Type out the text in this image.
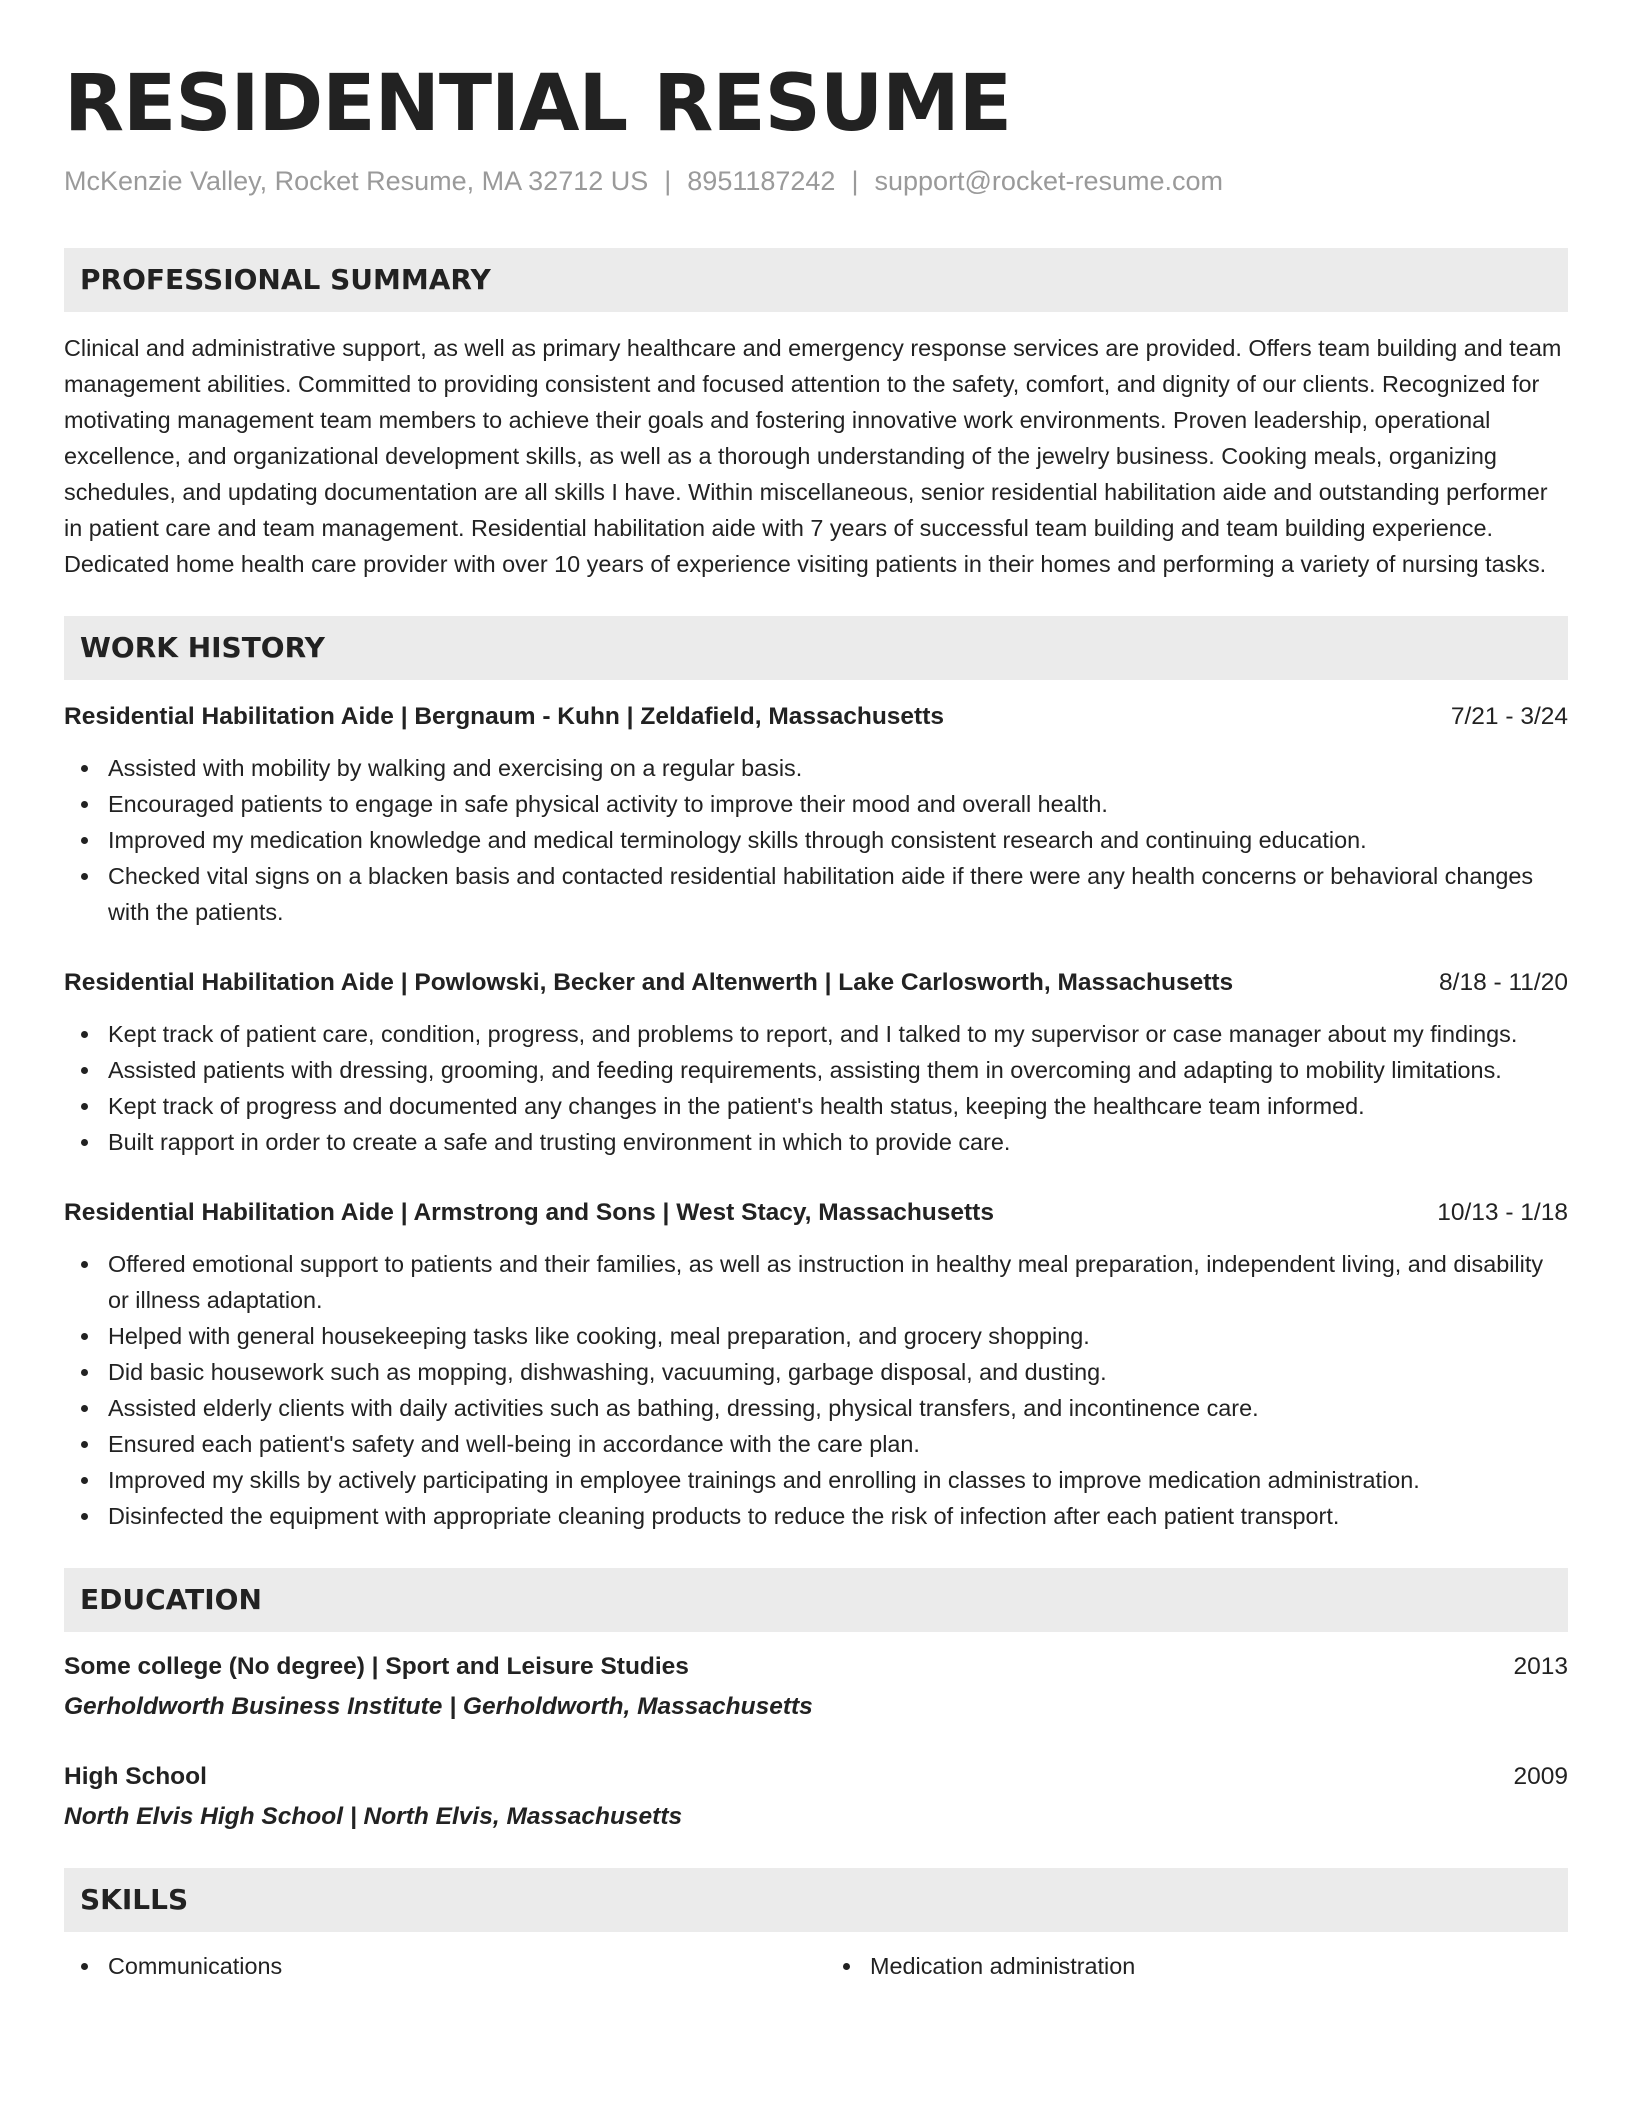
RESIDENTIAL RESUME
McKenzie Valley, Rocket Resume, MA 32712 US | 8951187242 | support@rocket-resume.com
PROFESSIONAL SUMMARY

Clinical and administrative support, as well as primary healthcare and emergency response services are provided. Offers team building and team management abilities. Committed to providing consistent and focused attention to the safety, comfort, and dignity of our clients. Recognized for motivating management team members to achieve their goals and fostering innovative work environments. Proven leadership, operational excellence, and organizational development skills, as well as a thorough understanding of the jewelry business. Cooking meals, organizing schedules, and updating documentation are all skills I have. Within miscellaneous, senior residential habilitation aide and outstanding performer in patient care and team management. Residential habilitation aide with 7 years of successful team building and team building experience. Dedicated home health care provider with over 10 years of experience visiting patients in their homes and performing a variety of nursing tasks.

WORK HISTORY
Residential Habilitation Aide | Bergnaum - Kuhn | Zeldafield, Massachusetts	7/21 - 3/24
Assisted with mobility by walking and exercising on a regular basis.
Encouraged patients to engage in safe physical activity to improve their mood and overall health.
Improved my medication knowledge and medical terminology skills through consistent research and continuing education.
Checked vital signs on a blacken basis and contacted residential habilitation aide if there were any health concerns or behavioral changes with the patients.
Residential Habilitation Aide | Powlowski, Becker and Altenwerth | Lake Carlosworth, Massachusetts	8/18 - 11/20
Kept track of patient care, condition, progress, and problems to report, and I talked to my supervisor or case manager about my findings.
Assisted patients with dressing, grooming, and feeding requirements, assisting them in overcoming and adapting to mobility limitations.
Kept track of progress and documented any changes in the patient's health status, keeping the healthcare team informed.
Built rapport in order to create a safe and trusting environment in which to provide care.
Residential Habilitation Aide | Armstrong and Sons | West Stacy, Massachusetts	10/13 - 1/18
Offered emotional support to patients and their families, as well as instruction in healthy meal preparation, independent living, and disability or illness adaptation.
Helped with general housekeeping tasks like cooking, meal preparation, and grocery shopping.
Did basic housework such as mopping, dishwashing, vacuuming, garbage disposal, and dusting.
Assisted elderly clients with daily activities such as bathing, dressing, physical transfers, and incontinence care.
Ensured each patient's safety and well-being in accordance with the care plan.
Improved my skills by actively participating in employee trainings and enrolling in classes to improve medication administration.
Disinfected the equipment with appropriate cleaning products to reduce the risk of infection after each patient transport.
EDUCATION
Some college (No degree) | Sport and Leisure Studies	2013
Gerholdworth Business Institute | Gerholdworth, Massachusetts
High School	2009
North Elvis High School | North Elvis, Massachusetts
SKILLS
Communications	Medication administration
